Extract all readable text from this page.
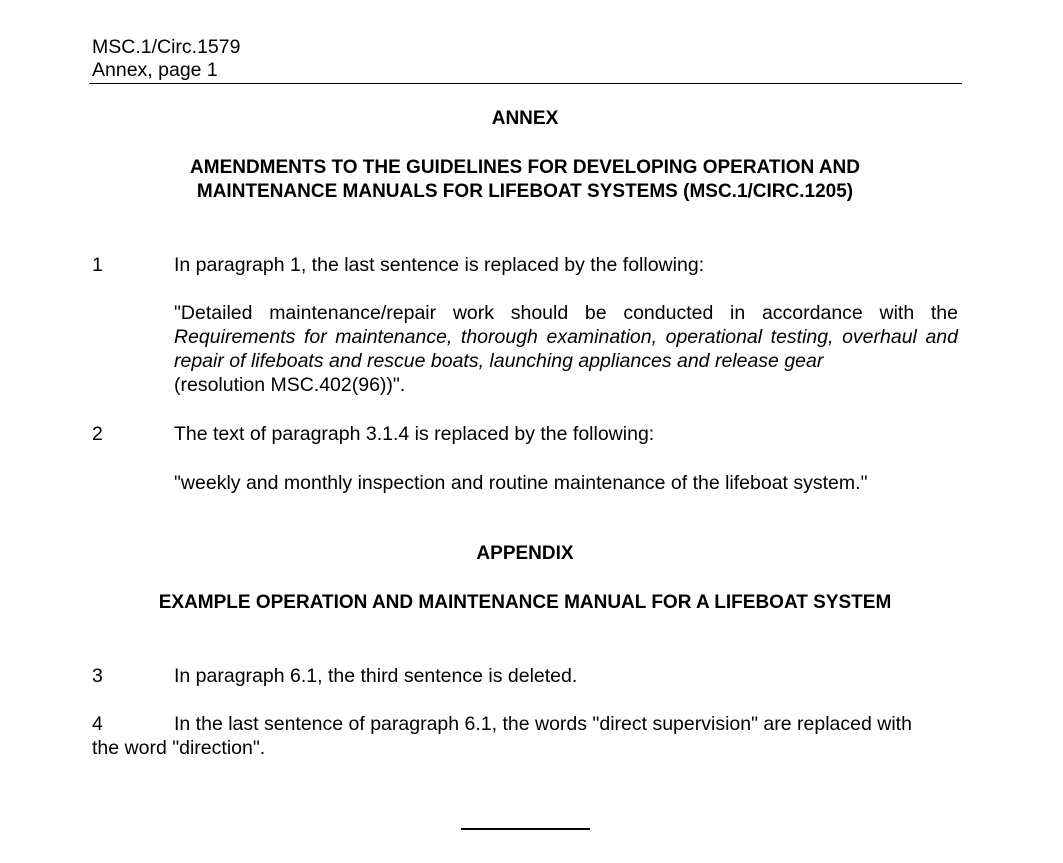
MSC.1/Circ.1579
Annex, page 1

ANNEX

AMENDMENTS TO THE GUIDELINES FOR DEVELOPING OPERATION AND
MAINTENANCE MANUALS FOR LIFEBOAT SYSTEMS (MSC.1/CIRC.1205)
1	In paragraph 1, the last sentence is replaced by the following:
"Detailed maintenance/repair work should be conducted in accordance with the Requirements for maintenance, thorough examination, operational testing, overhaul and repair of lifeboats and rescue boats, launching appliances and release gear
(resolution MSC.402(96))".
2	The text of paragraph 3.1.4 is replaced by the following:
"weekly and monthly inspection and routine maintenance of the lifeboat system."

APPENDIX

EXAMPLE OPERATION AND MAINTENANCE MANUAL FOR A LIFEBOAT SYSTEM

3	In paragraph 6.1, the third sentence is deleted.
4	In the last sentence of paragraph 6.1, the words "direct supervision" are replaced with
the word "direction".
